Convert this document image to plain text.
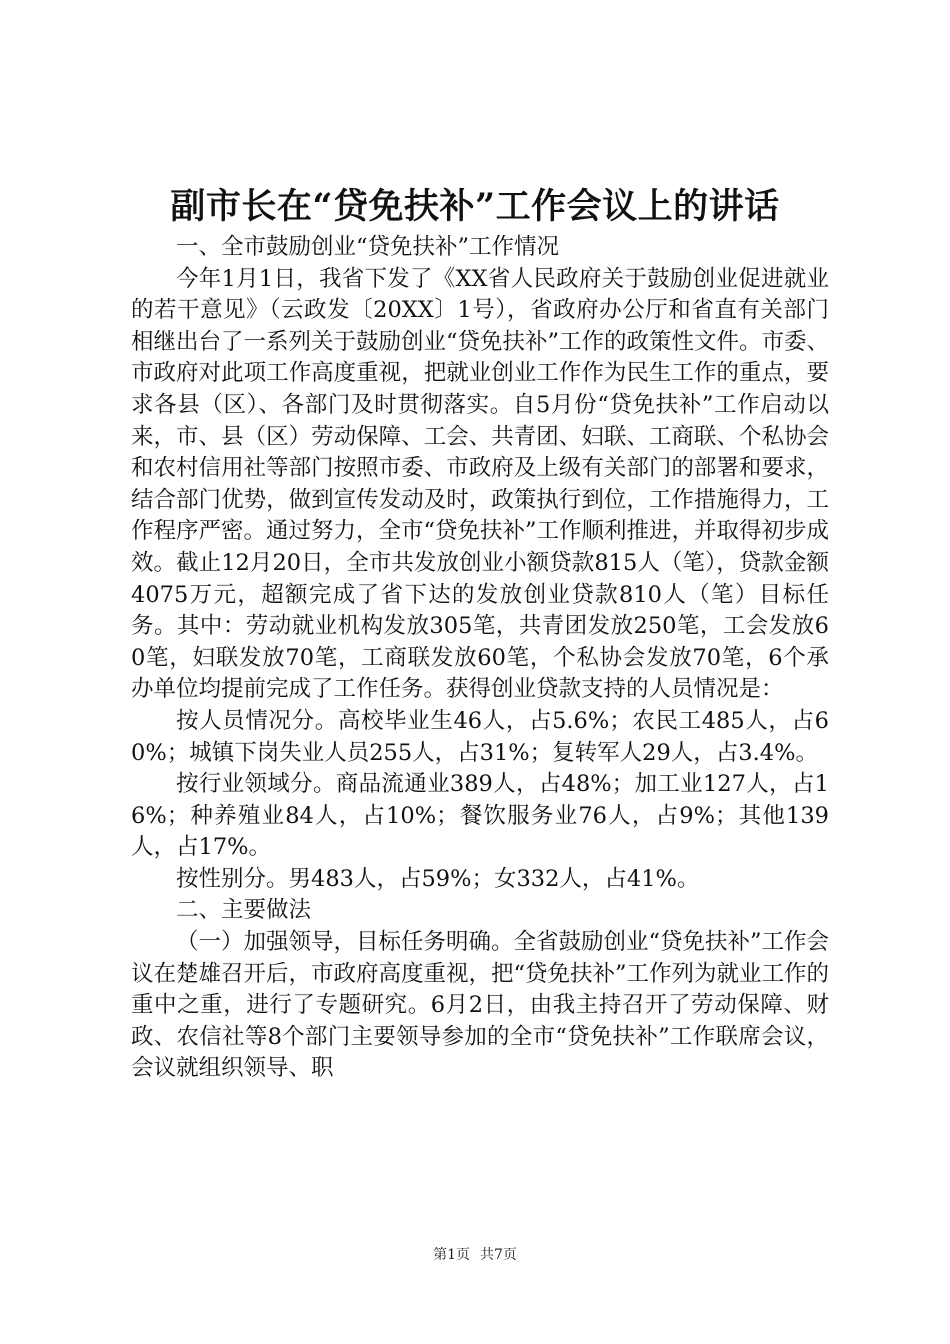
副市长在“贷免扶补”工作会议上的讲话

一、全市鼓励创业“贷免扶补”工作情况

今年1月1日，我省下发了《XX省人民政府关于鼓励创业促进就业的若干意见》（云政发〔20XX〕1号），省政府办公厅和省直有关部门相继出台了一系列关于鼓励创业“贷免扶补”工作的政策性文件。市委、市政府对此项工作高度重视，把就业创业工作作为民生工作的重点，要求各县（区）、各部门及时贯彻落实。自5月份“贷免扶补”工作启动以来，市、县（区）劳动保障、工会、共青团、妇联、工商联、个私协会和农村信用社等部门按照市委、市政府及上级有关部门的部署和要求，结合部门优势，做到宣传发动及时，政策执行到位，工作措施得力，工作程序严密。通过努力，全市“贷免扶补”工作顺利推进，并取得初步成效。截止12月20日，全市共发放创业小额贷款815人（笔），贷款金额4075万元，超额完成了省下达的发放创业贷款810人（笔）目标任务。其中：劳动就业机构发放305笔，共青团发放250笔，工会发放60笔，妇联发放70笔，工商联发放60笔，个私协会发放70笔，6个承办单位均提前完成了工作任务。获得创业贷款支持的人员情况是：

按人员情况分。高校毕业生46人，占5.6%；农民工485人，占60%；城镇下岗失业人员255人，占31%；复转军人29人，占3.4%。

按行业领域分。商品流通业389人，占48%；加工业127人，占16%；种养殖业84人，占10%；餐饮服务业76人，占9%；其他139人，占17%。

按性别分。男483人，占59%；女332人，占41%。

二、主要做法

（一）加强领导，目标任务明确。全省鼓励创业“贷免扶补”工作会议在楚雄召开后，市政府高度重视，把“贷免扶补”工作列为就业工作的重中之重，进行了专题研究。6月2日，由我主持召开了劳动保障、财政、农信社等8个部门主要领导参加的全市“贷免扶补”工作联席会议，会议就组织领导、职

第1页 共7页
